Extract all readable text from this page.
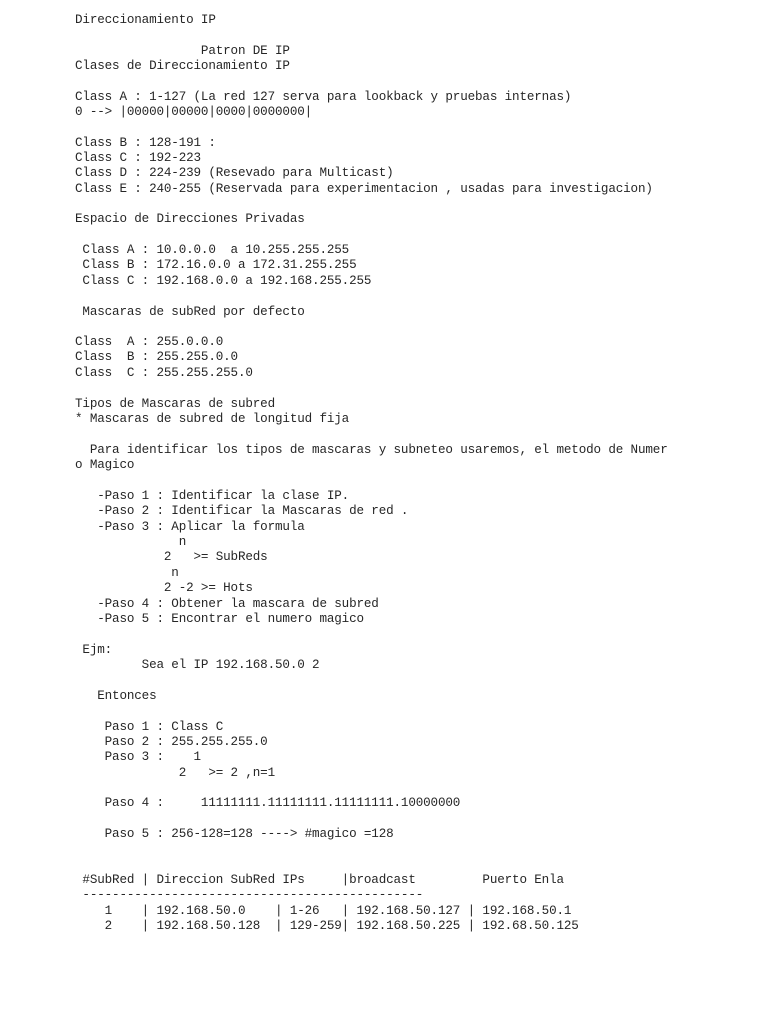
Direccionamiento IP
Patron DE IP
Clases de Direccionamiento IP
Class A : 1-127 (La red 127 serva para lookback y pruebas internas)
0 --> |00000|00000|0000|0000000|
Class B : 128-191 :
Class C : 192-223
Class D : 224-239 (Resevado para Multicast)
Class E : 240-255 (Reservada para experimentacion , usadas para investigacion)
Espacio de Direcciones Privadas
Class A : 10.0.0.0  a 10.255.255.255
Class B : 172.16.0.0 a 172.31.255.255
Class C : 192.168.0.0 a 192.168.255.255
Mascaras de subRed por defecto
Class  A : 255.0.0.0
Class  B : 255.255.0.0
Class  C : 255.255.255.0
Tipos de Mascaras de subred
* Mascaras de subred de longitud fija
Para identificar los tipos de mascaras y subneteo usaremos, el metodo de Numer
o Magico
-Paso 1 : Identificar la clase IP.
-Paso 2 : Identificar la Mascaras de red .
-Paso 3 : Aplicar la formula
n
2   >= SubReds
n
2 -2 >= Hots
-Paso 4 : Obtener la mascara de subred
-Paso 5 : Encontrar el numero magico
Ejm:
Sea el IP 192.168.50.0 2
Entonces
Paso 1 : Class C
Paso 2 : 255.255.255.0
Paso 3 :    1
2   >= 2 ,n=1
Paso 4 :     11111111.11111111.11111111.10000000
Paso 5 : 256-128=128 ----> #magico =128
#SubRed | Direccion SubRed IPs     |broadcast         Puerto Enla
----------------------------------------------
1    | 192.168.50.0    | 1-26   | 192.168.50.127 | 192.168.50.1
2    | 192.168.50.128  | 129-259| 192.168.50.225 | 192.68.50.125
